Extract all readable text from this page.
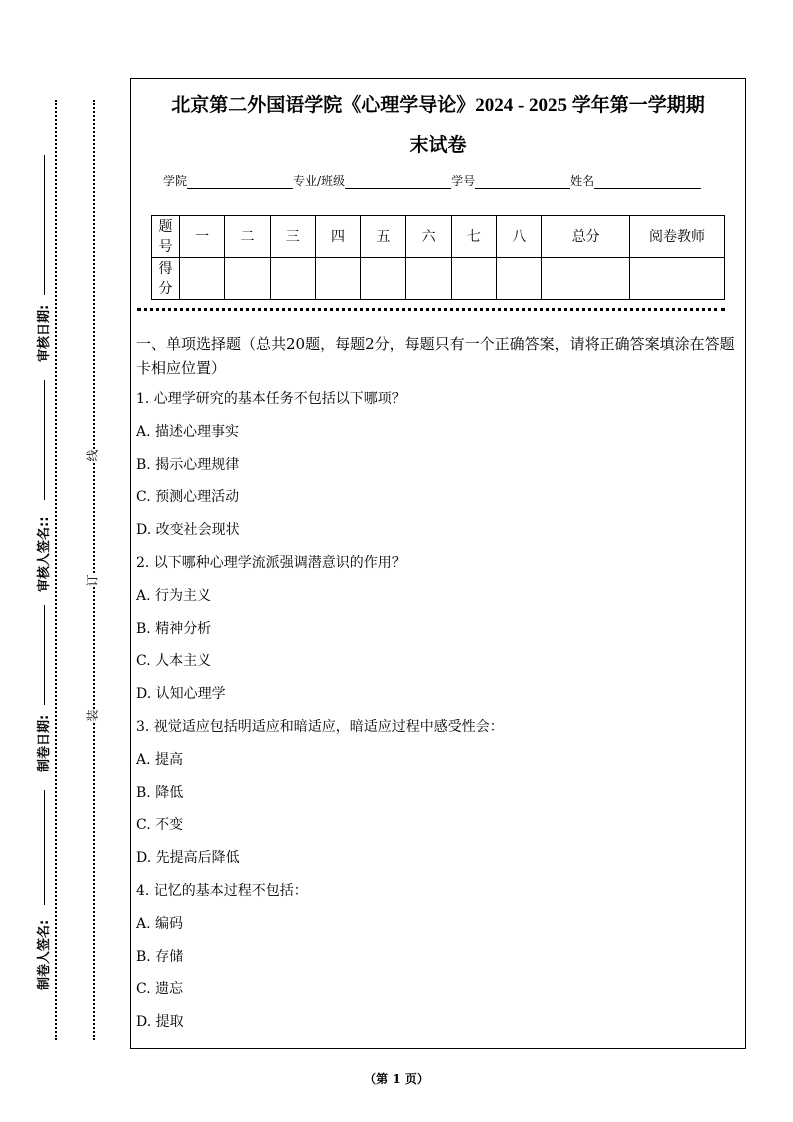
审核日期:
审核人签名::
制卷日期:
制卷人签名:
线
订
装
北京第二外国语学院《心理学导论》2024 - 2025 学年第一学期期
末试卷
学院	专业/班级	学号	姓名
题号	一	二	三	四	五	六	七	八	总分	阅卷教师
得分										
一、单项选择题（总共20题，每题2分，每题只有一个正确答案，请将正确答案填涂在答题卡相应位置）
1. 心理学研究的基本任务不包括以下哪项？
A. 描述心理事实
B. 揭示心理规律
C. 预测心理活动
D. 改变社会现状
2. 以下哪种心理学流派强调潜意识的作用？
A. 行为主义
B. 精神分析
C. 人本主义
D. 认知心理学
3. 视觉适应包括明适应和暗适应，暗适应过程中感受性会：
A. 提高
B. 降低
C. 不变
D. 先提高后降低
4. 记忆的基本过程不包括：
A. 编码
B. 存储
C. 遗忘
D. 提取
（第 1 页）
